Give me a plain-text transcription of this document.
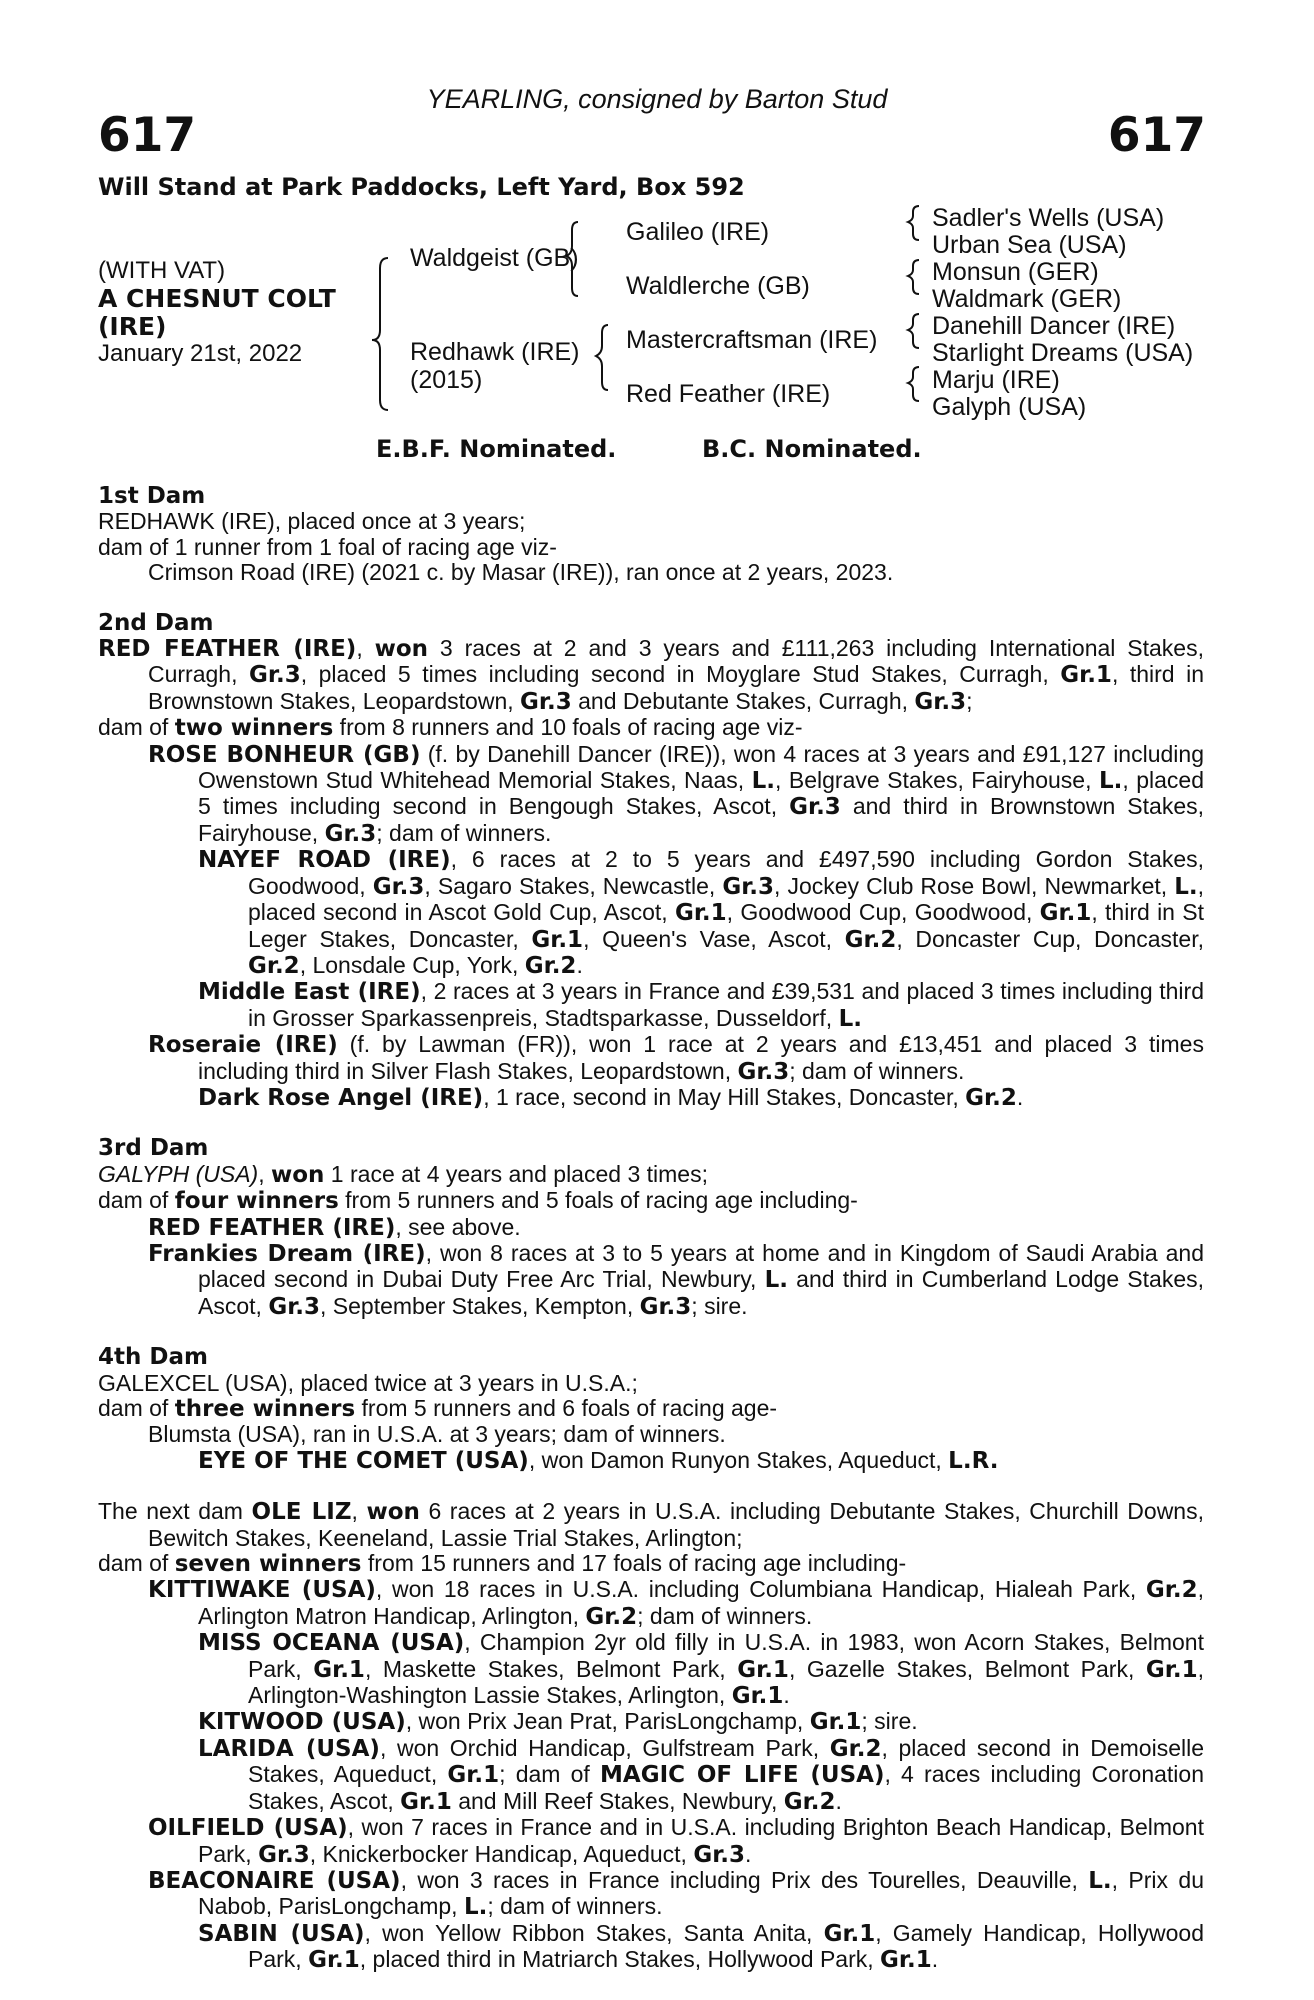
YEARLING, consigned by Barton Stud
617	617
Will Stand at Park Paddocks, Left Yard, Box 592
(WITH VAT)
A CHESNUT COLT
(IRE)
January 21st, 2022
Waldgeist (GB)
Redhawk (IRE)
(2015)
Galileo (IRE)
Waldlerche (GB)
Mastercraftsman (IRE)
Red Feather (IRE)
Sadler's Wells (USA)
Urban Sea (USA)
Monsun (GER)
Waldmark (GER)
Danehill Dancer (IRE)
Starlight Dreams (USA)
Marju (IRE)
Galyph (USA)
E.B.F. Nominated.	B.C. Nominated.
1st Dam

REDHAWK (IRE), placed once at 3 years;

dam of 1 runner from 1 foal of racing age viz-

Crimson Road (IRE) (2021 c. by Masar (IRE)), ran once at 2 years, 2023.

2nd Dam

RED FEATHER (IRE), won 3 races at 2 and 3 years and £111,263 including International Stakes, Curragh, Gr.3, placed 5 times including second in Moyglare Stud Stakes, Curragh, Gr.1, third in Brownstown Stakes, Leopardstown, Gr.3 and Debutante Stakes, Curragh, Gr.3;

dam of two winners from 8 runners and 10 foals of racing age viz-

ROSE BONHEUR (GB) (f. by Danehill Dancer (IRE)), won 4 races at 3 years and £91,127 including Owenstown Stud Whitehead Memorial Stakes, Naas, L., Belgrave Stakes, Fairyhouse, L., placed 5 times including second in Bengough Stakes, Ascot, Gr.3 and third in Brownstown Stakes, Fairyhouse, Gr.3; dam of winners.

NAYEF ROAD (IRE), 6 races at 2 to 5 years and £497,590 including Gordon Stakes, Goodwood, Gr.3, Sagaro Stakes, Newcastle, Gr.3, Jockey Club Rose Bowl, Newmarket, L., placed second in Ascot Gold Cup, Ascot, Gr.1, Goodwood Cup, Goodwood, Gr.1, third in St Leger Stakes, Doncaster, Gr.1, Queen's Vase, Ascot, Gr.2, Doncaster Cup, Doncaster, Gr.2, Lonsdale Cup, York, Gr.2.

Middle East (IRE), 2 races at 3 years in France and £39,531 and placed 3 times including third in Grosser Sparkassenpreis, Stadtsparkasse, Dusseldorf, L.

Roseraie (IRE) (f. by Lawman (FR)), won 1 race at 2 years and £13,451 and placed 3 times including third in Silver Flash Stakes, Leopardstown, Gr.3; dam of winners.

Dark Rose Angel (IRE), 1 race, second in May Hill Stakes, Doncaster, Gr.2.

3rd Dam

GALYPH (USA), won 1 race at 4 years and placed 3 times;

dam of four winners from 5 runners and 5 foals of racing age including-

RED FEATHER (IRE), see above.

Frankies Dream (IRE), won 8 races at 3 to 5 years at home and in Kingdom of Saudi Arabia and placed second in Dubai Duty Free Arc Trial, Newbury, L. and third in Cumberland Lodge Stakes, Ascot, Gr.3, September Stakes, Kempton, Gr.3; sire.

4th Dam

GALEXCEL (USA), placed twice at 3 years in U.S.A.;

dam of three winners from 5 runners and 6 foals of racing age-

Blumsta (USA), ran in U.S.A. at 3 years; dam of winners.

EYE OF THE COMET (USA), won Damon Runyon Stakes, Aqueduct, L.R.

The next dam OLE LIZ, won 6 races at 2 years in U.S.A. including Debutante Stakes, Churchill Downs, Bewitch Stakes, Keeneland, Lassie Trial Stakes, Arlington;

dam of seven winners from 15 runners and 17 foals of racing age including-

KITTIWAKE (USA), won 18 races in U.S.A. including Columbiana Handicap, Hialeah Park, Gr.2, Arlington Matron Handicap, Arlington, Gr.2; dam of winners.

MISS OCEANA (USA), Champion 2yr old filly in U.S.A. in 1983, won Acorn Stakes, Belmont Park, Gr.1, Maskette Stakes, Belmont Park, Gr.1, Gazelle Stakes, Belmont Park, Gr.1, Arlington-Washington Lassie Stakes, Arlington, Gr.1.

KITWOOD (USA), won Prix Jean Prat, ParisLongchamp, Gr.1; sire.

LARIDA (USA), won Orchid Handicap, Gulfstream Park, Gr.2, placed second in Demoiselle Stakes, Aqueduct, Gr.1; dam of MAGIC OF LIFE (USA), 4 races including Coronation Stakes, Ascot, Gr.1 and Mill Reef Stakes, Newbury, Gr.2.

OILFIELD (USA), won 7 races in France and in U.S.A. including Brighton Beach Handicap, Belmont Park, Gr.3, Knickerbocker Handicap, Aqueduct, Gr.3.

BEACONAIRE (USA), won 3 races in France including Prix des Tourelles, Deauville, L., Prix du Nabob, ParisLongchamp, L.; dam of winners.

SABIN (USA), won Yellow Ribbon Stakes, Santa Anita, Gr.1, Gamely Handicap, Hollywood Park, Gr.1, placed third in Matriarch Stakes, Hollywood Park, Gr.1.
